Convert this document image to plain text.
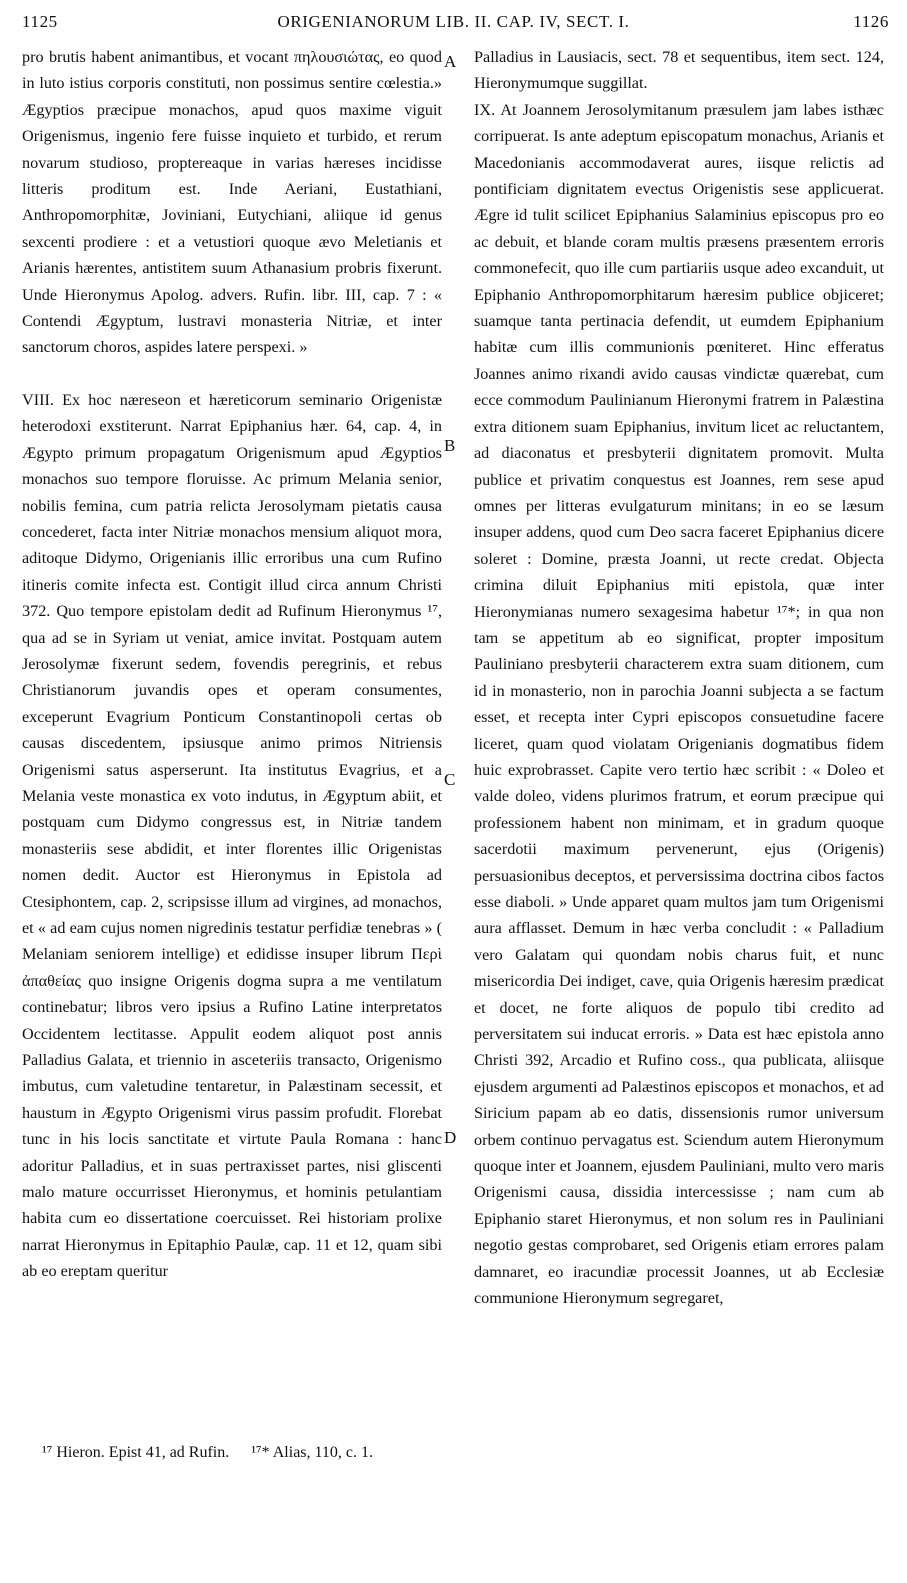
1125	ORIGENIANORUM LIB. II. CAP. IV, SECT. I.	1126

pro brutis habent animantibus, et vocant πηλουσιώτας, eo quod in luto istius corporis constituti, non possimus sentire cœlestia.» Ægyptios præcipue monachos, apud quos maxime viguit Origenismus, ingenio fere fuisse inquieto et turbido, et rerum novarum studioso, proptereaque in varias hæreses incidisse litteris proditum est. Inde Aeriani, Eustathiani, Anthropomorphitæ, Joviniani, Eutychiani, aliique id genus sexcenti prodiere : et a vetustiori quoque ævo Meletianis et Arianis hærentes, antistitem suum Athanasium probris fixerunt. Unde Hieronymus Apolog. advers. Rufin. libr. III, cap. 7 : « Contendi Ægyptum, lustravi monasteria Nitriæ, et inter sanctorum choros, aspides latere perspexi. »

VIII. Ex hoc næreseon et hæreticorum seminario Origenistæ heterodoxi exstiterunt. Narrat Epiphanius hær. 64, cap. 4, in Ægypto primum propagatum Origenismum apud Ægyptios monachos suo tempore floruisse. Ac primum Melania senior, nobilis femina, cum patria relicta Jerosolymam pietatis causa concederet, facta inter Nitriæ monachos mensium aliquot mora, aditoque Didymo, Origenianis illic erroribus una cum Rufino itineris comite infecta est. Contigit illud circa annum Christi 372. Quo tempore epistolam dedit ad Rufinum Hieronymus ¹⁷, qua ad se in Syriam ut veniat, amice invitat. Postquam autem Jerosolymæ fixerunt sedem, fovendis peregrinis, et rebus Christianorum juvandis opes et operam consumentes, exceperunt Evagrium Ponticum Constantinopoli certas ob causas discedentem, ipsiusque animo primos Nitriensis Origenismi satus asperserunt. Ita institutus Evagrius, et a Melania veste monastica ex voto indutus, in Ægyptum abiit, et postquam cum Didymo congressus est, in Nitriæ tandem monasteriis sese abdidit, et inter florentes illic Origenistas nomen dedit. Auctor est Hieronymus in Epistola ad Ctesiphontem, cap. 2, scripsisse illum ad virgines, ad monachos, et « ad eam cujus nomen nigredinis testatur perfidiæ tenebras » ( Melaniam seniorem intellige) et edidisse insuper librum Περὶ ἀπαθείας quo insigne Origenis dogma supra a me ventilatum continebatur; libros vero ipsius a Rufino Latine interpretatos Occidentem lectitasse. Appulit eodem aliquot post annis Palladius Galata, et triennio in asceteriis transacto, Origenismo imbutus, cum valetudine tentaretur, in Palæstinam secessit, et haustum in Ægypto Origenismi virus passim profudit. Florebat tunc in his locis sanctitate et virtute Paula Romana : hanc adoritur Palladius, et in suas pertraxisset partes, nisi gliscenti malo mature occurrisset Hieronymus, et hominis petulantiam habita cum eo dissertatione coercuisset. Rei historiam prolixe narrat Hieronymus in Epitaphio Paulæ, cap. 11 et 12, quam sibi ab eo ereptam queritur

A
B
C
D

Palladius in Lausiacis, sect. 78 et sequentibus, item sect. 124, Hieronymumque suggillat.

IX. At Joannem Jerosolymitanum præsulem jam labes isthæc corripuerat. Is ante adeptum episcopatum monachus, Arianis et Macedonianis accommodaverat aures, iisque relictis ad pontificiam dignitatem evectus Origenistis sese applicuerat. Ægre id tulit scilicet Epiphanius Salaminius episcopus pro eo ac debuit, et blande coram multis præsens præsentem erroris commonefecit, quo ille cum partiariis usque adeo excanduit, ut Epiphanio Anthropomorphitarum hæresim publice objiceret; suamque tanta pertinacia defendit, ut eumdem Epiphanium habitæ cum illis communionis pœniteret. Hinc efferatus Joannes animo rixandi avido causas vindictæ quærebat, cum ecce commodum Paulinianum Hieronymi fratrem in Palæstina extra ditionem suam Epiphanius, invitum licet ac reluctantem, ad diaconatus et presbyterii dignitatem promovit. Multa publice et privatim conquestus est Joannes, rem sese apud omnes per litteras evulgaturum minitans; in eo se læsum insuper addens, quod cum Deo sacra faceret Epiphanius dicere soleret : Domine, præsta Joanni, ut recte credat. Objecta crimina diluit Epiphanius miti epistola, quæ inter Hieronymianas numero sexagesima habetur ¹⁷*; in qua non tam se appetitum ab eo significat, propter impositum Pauliniano presbyterii characterem extra suam ditionem, cum id in monasterio, non in parochia Joanni subjecta a se factum esset, et recepta inter Cypri episcopos consuetudine facere liceret, quam quod violatam Origenianis dogmatibus fidem huic exprobrasset. Capite vero tertio hæc scribit : « Doleo et valde doleo, videns plurimos fratrum, et eorum præcipue qui professionem habent non minimam, et in gradum quoque sacerdotii maximum pervenerunt, ejus (Origenis) persuasionibus deceptos, et perversissima doctrina cibos factos esse diaboli. » Unde apparet quam multos jam tum Origenismi aura afflasset. Demum in hæc verba concludit : « Palladium vero Galatam qui quondam nobis charus fuit, et nunc misericordia Dei indiget, cave, quia Origenis hæresim prædicat et docet, ne forte aliquos de populo tibi credito ad perversitatem sui inducat erroris. » Data est hæc epistola anno Christi 392, Arcadio et Rufino coss., qua publicata, aliisque ejusdem argumenti ad Palæstinos episcopos et monachos, et ad Siricium papam ab eo datis, dissensionis rumor universum orbem continuo pervagatus est. Sciendum autem Hieronymum quoque inter et Joannem, ejusdem Pauliniani, multo vero maris Origenismi causa, dissidia intercessisse ; nam cum ab Epiphanio staret Hieronymus, et non solum res in Pauliniani negotio gestas comprobaret, sed Origenis etiam errores palam damnaret, eo iracundiæ processit Joannes, ut ab Ecclesiæ communione Hieronymum segregaret,

¹⁷ Hieron. Epist 41, ad Rufin. ¹⁷* Alias, 110, c. 1.
